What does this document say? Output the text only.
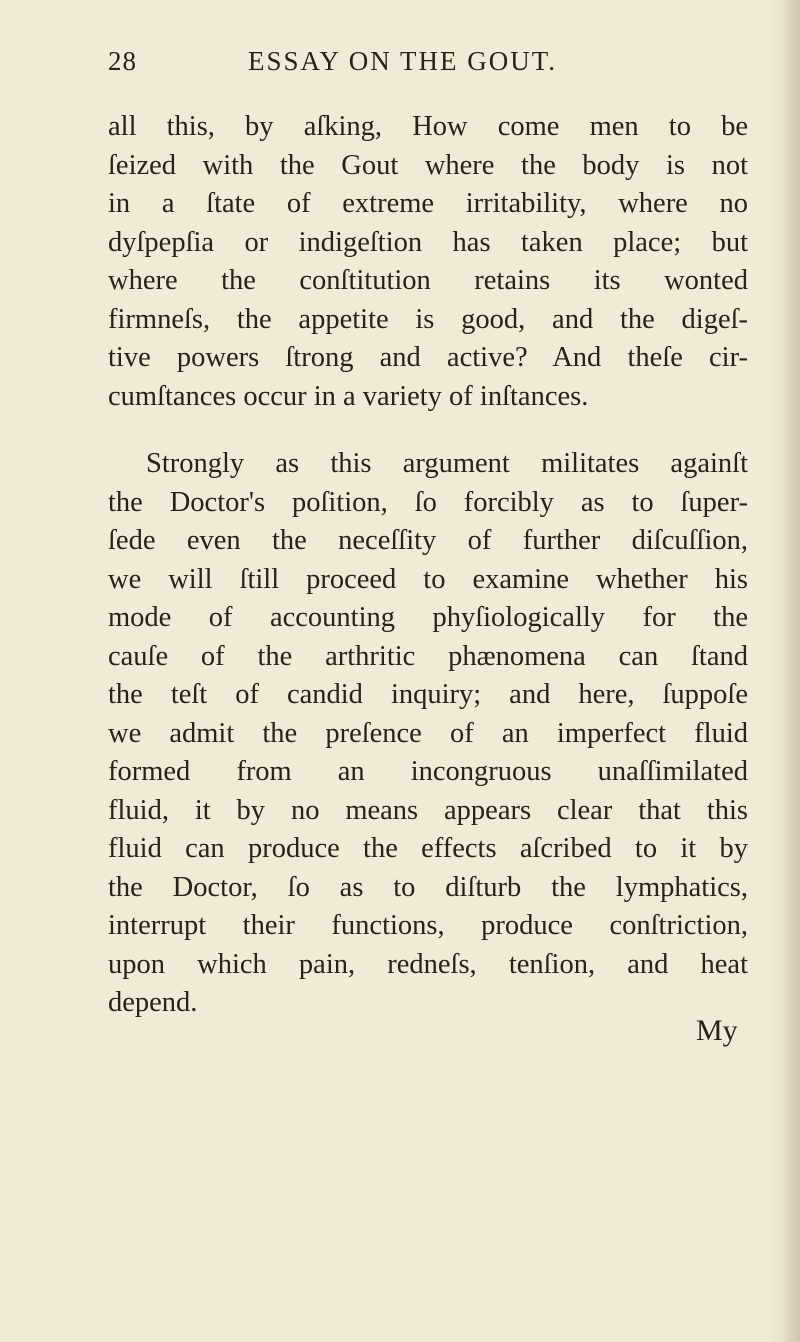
28	ESSAY ON THE GOUT.
all this, by aſking, How come men to be
ſeized with the Gout where the body is not
in a ſtate of extreme irritability, where no
dyſpepſia or indigeſtion has taken place; but
where the conſtitution retains its wonted
firmneſs, the appetite is good, and the digeſ-
tive powers ſtrong and active? And theſe cir-
cumſtances occur in a variety of inſtances.
Strongly as this argument militates againſt
the Doctor's poſition, ſo forcibly as to ſuper-
ſede even the neceſſity of further diſcuſſion,
we will ſtill proceed to examine whether his
mode of accounting phyſiologically for the
cauſe of the arthritic phænomena can ſtand
the teſt of candid inquiry; and here, ſuppoſe
we admit the preſence of an imperfect fluid
formed from an incongruous unaſſimilated
fluid, it by no means appears clear that this
fluid can produce the effects aſcribed to it by
the Doctor, ſo as to diſturb the lymphatics,
interrupt their functions, produce conſtriction,
upon which pain, redneſs, tenſion, and heat
depend.
My
